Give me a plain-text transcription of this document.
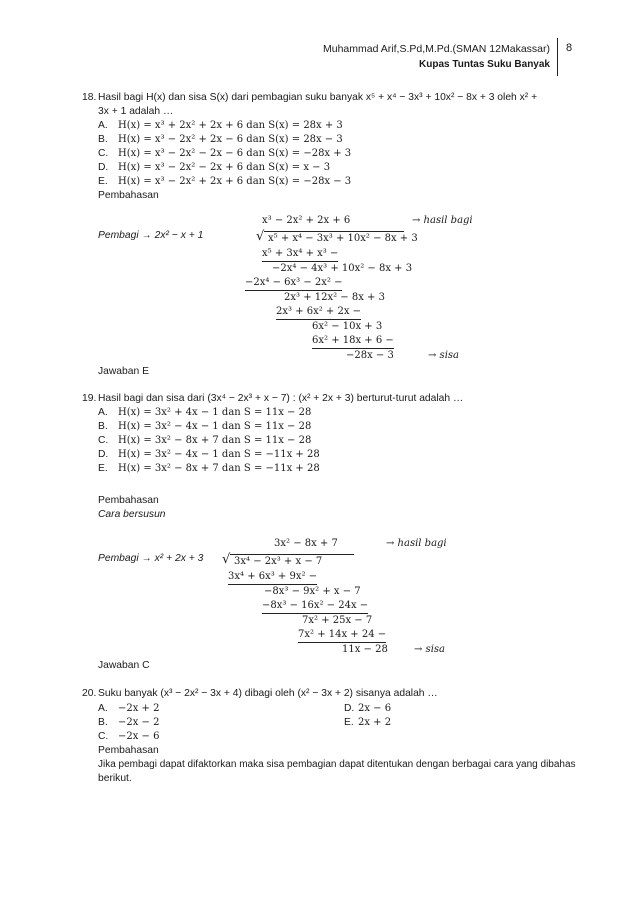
Muhammad Arif,S.Pd,M.Pd.(SMAN 12Makassar)
Kupas Tuntas Suku Banyak
8
18. Hasil bagi H(x) dan sisa S(x) dari pembagian suku banyak x⁵ + x⁴ − 3x³ + 10x² − 8x + 3 oleh x² +
3x + 1 adalah …
A. H(x) = x³ + 2x² + 2x + 6 dan S(x) = 28x + 3
B. H(x) = x³ − 2x² + 2x − 6 dan S(x) = 28x − 3
C. H(x) = x³ − 2x² − 2x − 6 dan S(x) = −28x + 3
D. H(x) = x³ − 2x² − 2x + 6 dan S(x) = x − 3
E. H(x) = x³ − 2x² + 2x + 6 dan S(x) = −28x − 3
Pembahasan
x³ − 2x² + 2x + 6	→ hasil bagi
Pembagi → 2x² − x + 1	√ x⁵ + x⁴ − 3x³ + 10x² − 8x + 3
x⁵ + 3x⁴ + x³ −
−2x⁴ − 4x³ + 10x² − 8x + 3
−2x⁴ − 6x³ − 2x² −
2x³ + 12x² − 8x + 3
2x³ + 6x² + 2x −
6x² − 10x + 3
6x² + 18x + 6 −
−28x − 3	→ sisa
Jawaban E
19. Hasil bagi dan sisa dari (3x⁴ − 2x³ + x − 7) : (x² + 2x + 3) berturut-turut adalah …
A. H(x) = 3x² + 4x − 1 dan S = 11x − 28
B. H(x) = 3x² − 4x − 1 dan S = 11x − 28
C. H(x) = 3x² − 8x + 7 dan S = 11x − 28
D. H(x) = 3x² − 4x − 1 dan S = −11x + 28
E. H(x) = 3x² − 8x + 7 dan S = −11x + 28
Pembahasan
Cara bersusun
3x² − 8x + 7	→ hasil bagi
Pembagi → x² + 2x + 3 √ 3x⁴ − 2x³ + x − 7
3x⁴ + 6x³ + 9x² −
−8x³ − 9x² + x − 7
−8x³ − 16x² − 24x −
7x² + 25x − 7
7x² + 14x + 24 −
11x − 28	→ sisa
Jawaban C
20. Suku banyak (x³ − 2x² − 3x + 4) dibagi oleh (x² − 3x + 2) sisanya adalah …
A. −2x + 2
B. −2x − 2
C. −2x − 6
D. 2x − 6
E. 2x + 2
Pembahasan
Jika pembagi dapat difaktorkan maka sisa pembagian dapat ditentukan dengan berbagai cara yang dibahas
berikut.
